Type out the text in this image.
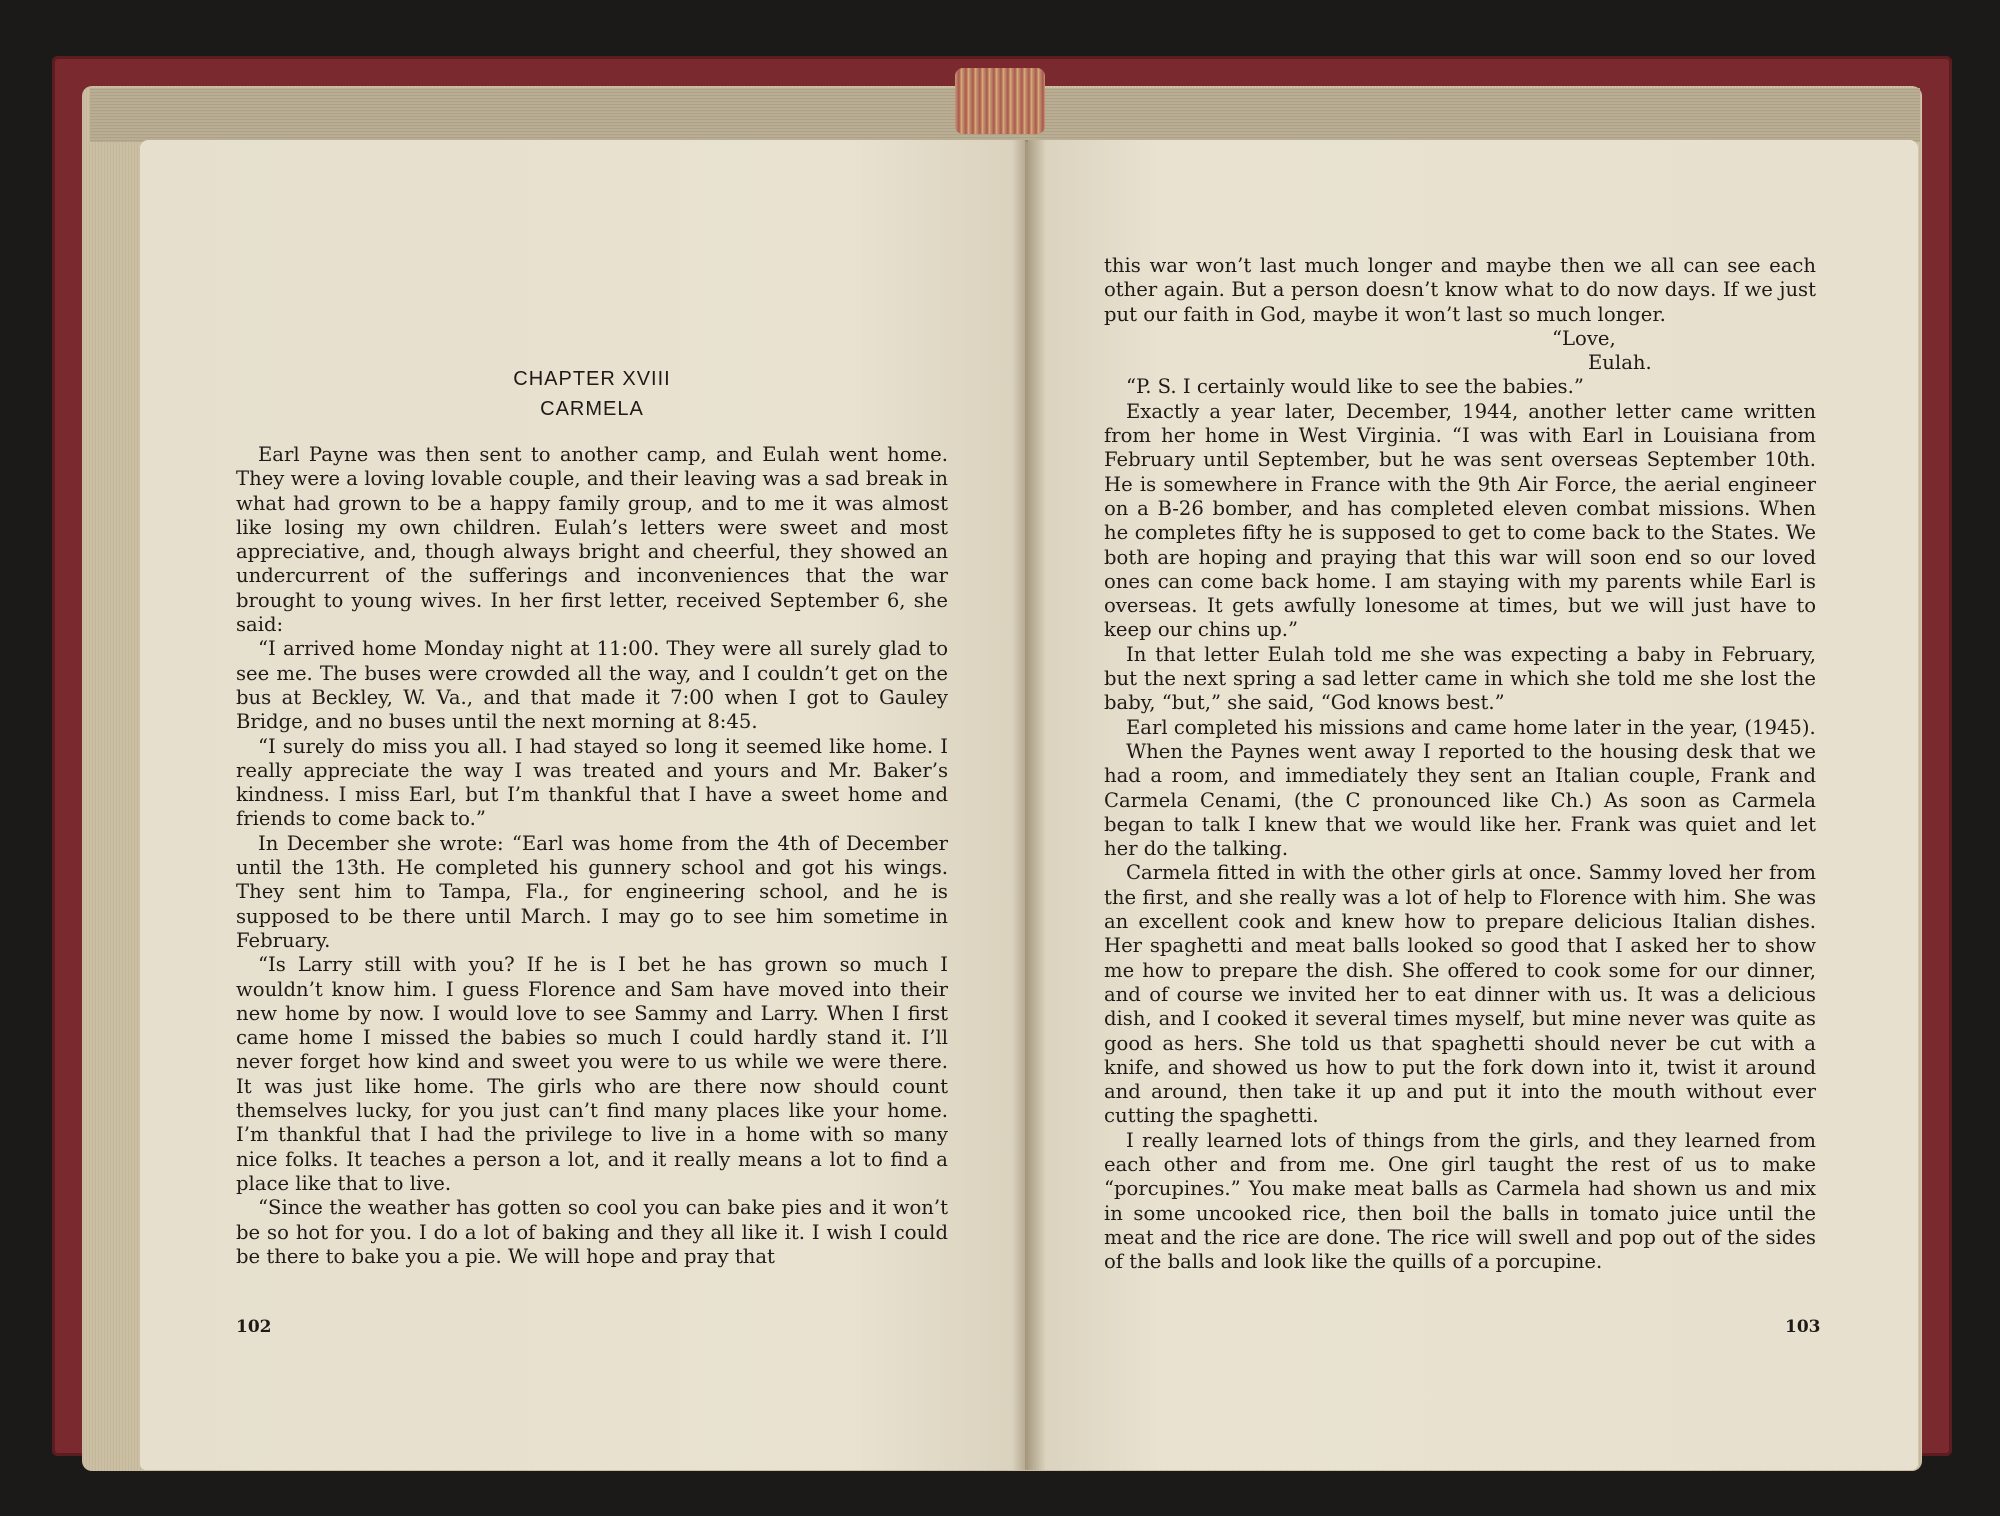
CHAPTER XVIII
CARMELA

Earl Payne was then sent to another camp, and Eulah went home. They were a loving lovable couple, and their leaving was a sad break in what had grown to be a happy family group, and to me it was almost like losing my own children. Eulah’s letters were sweet and most appreciative, and, though always bright and cheerful, they showed an undercurrent of the sufferings and inconveniences that the war brought to young wives. In her first letter, received September 6, she said:

“I arrived home Monday night at 11:00. They were all surely glad to see me. The buses were crowded all the way, and I couldn’t get on the bus at Beckley, W. Va., and that made it 7:00 when I got to Gauley Bridge, and no buses until the next morning at 8:45.

“I surely do miss you all. I had stayed so long it seemed like home. I really appreciate the way I was treated and yours and Mr. Baker’s kindness. I miss Earl, but I’m thankful that I have a sweet home and friends to come back to.”

In December she wrote: “Earl was home from the 4th of December until the 13th. He completed his gunnery school and got his wings. They sent him to Tampa, Fla., for engineering school, and he is supposed to be there until March. I may go to see him sometime in February.

“Is Larry still with you? If he is I bet he has grown so much I wouldn’t know him. I guess Florence and Sam have moved into their new home by now. I would love to see Sammy and Larry. When I first came home I missed the babies so much I could hardly stand it. I’ll never forget how kind and sweet you were to us while we were there. It was just like home. The girls who are there now should count themselves lucky, for you just can’t find many places like your home. I’m thankful that I had the privilege to live in a home with so many nice folks. It teaches a person a lot, and it really means a lot to find a place like that to live.

“Since the weather has gotten so cool you can bake pies and it won’t be so hot for you. I do a lot of baking and they all like it. I wish I could be there to bake you a pie. We will hope and pray that

102

this war won’t last much longer and maybe then we all can see each other again. But a person doesn’t know what to do now days. If we just put our faith in God, maybe it won’t last so much longer.

“Love,

Eulah.

“P. S. I certainly would like to see the babies.”

Exactly a year later, December, 1944, another letter came written from her home in West Virginia. “I was with Earl in Louisiana from February until September, but he was sent overseas September 10th. He is somewhere in France with the 9th Air Force, the aerial engineer on a B-26 bomber, and has completed eleven combat missions. When he completes fifty he is supposed to get to come back to the States. We both are hoping and praying that this war will soon end so our loved ones can come back home. I am staying with my parents while Earl is overseas. It gets awfully lonesome at times, but we will just have to keep our chins up.”

In that letter Eulah told me she was expecting a baby in February, but the next spring a sad letter came in which she told me she lost the baby, “but,” she said, “God knows best.”

Earl completed his missions and came home later in the year, (1945).

When the Paynes went away I reported to the housing desk that we had a room, and immediately they sent an Italian couple, Frank and Carmela Cenami, (the C pronounced like Ch.) As soon as Carmela began to talk I knew that we would like her. Frank was quiet and let her do the talking.

Carmela fitted in with the other girls at once. Sammy loved her from the first, and she really was a lot of help to Florence with him. She was an excellent cook and knew how to prepare delicious Italian dishes. Her spaghetti and meat balls looked so good that I asked her to show me how to prepare the dish. She offered to cook some for our dinner, and of course we invited her to eat dinner with us. It was a delicious dish, and I cooked it several times myself, but mine never was quite as good as hers. She told us that spaghetti should never be cut with a knife, and showed us how to put the fork down into it, twist it around and around, then take it up and put it into the mouth without ever cutting the spaghetti.

I really learned lots of things from the girls, and they learned from each other and from me. One girl taught the rest of us to make “porcupines.” You make meat balls as Carmela had shown us and mix in some uncooked rice, then boil the balls in tomato juice until the meat and the rice are done. The rice will swell and pop out of the sides of the balls and look like the quills of a porcupine.

103
